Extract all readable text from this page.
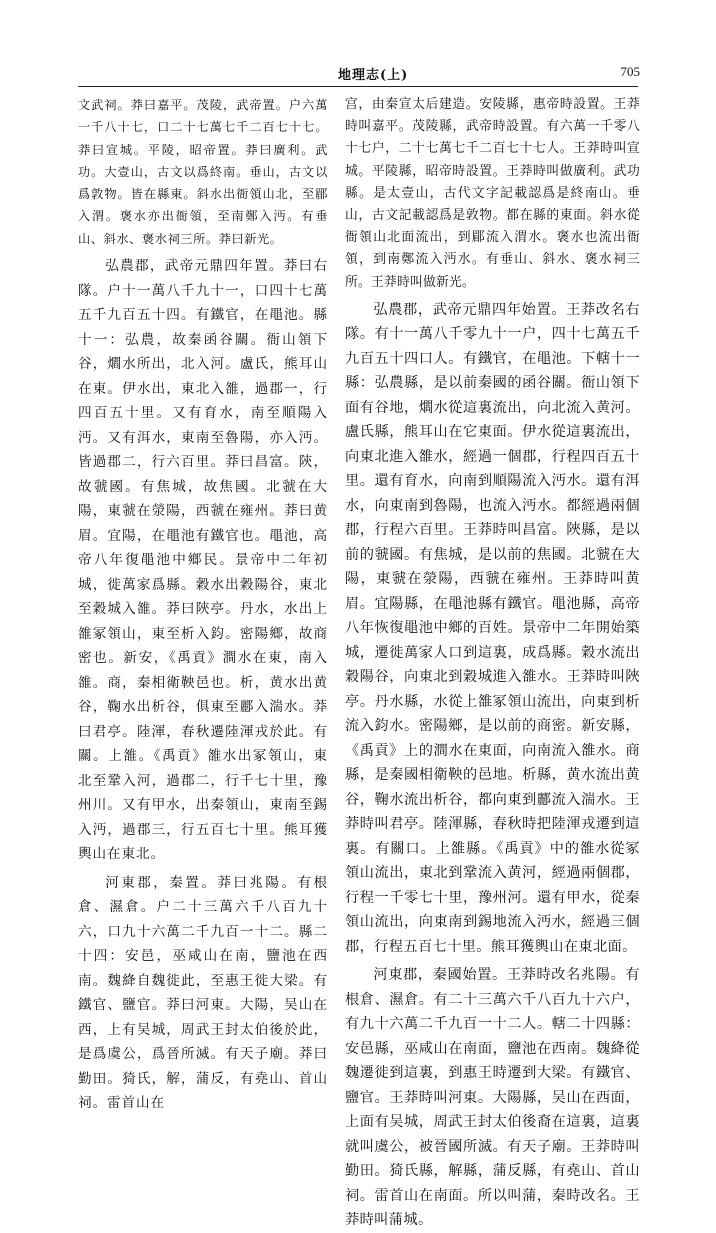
地理志(上)	705

文武祠。莽曰嘉平。茂陵，武帝置。户六萬一千八十七，口二十七萬七千二百七十七。莽曰宣城。平陵，昭帝置。莽曰廣利。武功。大壹山，古文以爲終南。垂山，古文以爲敦物。皆在縣東。斜水出衙領山北，至郿入渭。褒水亦出衙領，至南鄭入沔。有垂山、斜水、褒水祠三所。莽曰新光。

弘農郡，武帝元鼎四年置。莽曰右隊。户十一萬八千九十一，口四十七萬五千九百五十四。有鐵官，在黽池。縣十一：弘農，故秦函谷關。衙山領下谷，爓水所出，北入河。盧氏，熊耳山在東。伊水出，東北入雒，過郡一，行四百五十里。又有育水，南至順陽入沔。又有洱水，東南至魯陽，亦入沔。皆過郡二，行六百里。莽曰昌富。陝，故虢國。有焦城，故焦國。北虢在大陽，東虢在滎陽，西虢在雍州。莽曰黄眉。宜陽，在黽池有鐵官也。黽池，高帝八年復黽池中鄉民。景帝中二年初城，徙萬家爲縣。穀水出穀陽谷，東北至穀城入雒。莽曰陜亭。丹水，水出上雒冢領山，東至析入鈞。密陽鄉，故商密也。新安，《禹貢》澗水在東，南入雒。商，秦相衛鞅邑也。析，黄水出黄谷，鞠水出析谷，俱東至酈入湍水。莽曰君亭。陸渾，春秋遷陸渾戎於此。有關。上雒。《禹貢》雒水出冢領山，東北至鞏入河，過郡二，行千七十里，豫州川。又有甲水，出秦領山，東南至錫入沔，過郡三，行五百七十里。熊耳獲輿山在東北。

河東郡，秦置。莽曰兆陽。有根倉、濕倉。户二十三萬六千八百九十六，口九十六萬二千九百一十二。縣二十四：安邑，巫咸山在南，鹽池在西南。魏絳自魏徙此，至惠王徙大梁。有鐵官、鹽官。莽曰河東。大陽，吴山在西，上有吴城，周武王封太伯後於此，是爲虞公，爲晉所滅。有天子廟。莽曰勤田。猗氏，解，蒲反，有堯山、首山祠。雷首山在

宫，由秦宣太后建造。安陵縣，惠帝時設置。王莽時叫嘉平。茂陵縣，武帝時設置。有六萬一千零八十七户，二十七萬七千二百七十七人。王莽時叫宣城。平陵縣，昭帝時設置。王莽時叫做廣利。武功縣。是太壹山，古代文字記載認爲是終南山。垂山，古文記載認爲是敦物。都在縣的東面。斜水從衙領山北面流出，到郿流入渭水。褒水也流出衙領，到南鄭流入沔水。有垂山、斜水、褒水祠三所。王莽時叫做新光。

弘農郡，武帝元鼎四年始置。王莽改名右隊。有十一萬八千零九十一户，四十七萬五千九百五十四口人。有鐵官，在黽池。下轄十一縣：弘農縣，是以前秦國的函谷關。衙山領下面有谷地，爓水從這裏流出，向北流入黄河。盧氏縣，熊耳山在它東面。伊水從這裏流出，向東北進入雒水，經過一個郡，行程四百五十里。還有育水，向南到順陽流入沔水。還有洱水，向東南到魯陽，也流入沔水。都經過兩個郡，行程六百里。王莽時叫昌富。陜縣，是以前的虢國。有焦城，是以前的焦國。北虢在大陽，東虢在滎陽，西虢在雍州。王莽時叫黄眉。宜陽縣，在黽池縣有鐵官。黽池縣，高帝八年恢復黽池中鄉的百姓。景帝中二年開始築城，遷徙萬家人口到這裏，成爲縣。穀水流出穀陽谷，向東北到穀城進入雒水。王莽時叫陜亭。丹水縣，水從上雒冢領山流出，向東到析流入鈞水。密陽鄉，是以前的商密。新安縣，《禹貢》上的澗水在東面，向南流入雒水。商縣，是秦國相衛鞅的邑地。析縣，黄水流出黄谷，鞠水流出析谷，都向東到酈流入湍水。王莽時叫君亭。陸渾縣，春秋時把陸渾戎遷到這裏。有關口。上雒縣。《禹貢》中的雒水從冢領山流出，東北到鞏流入黄河，經過兩個郡，行程一千零七十里，豫州河。還有甲水，從秦領山流出，向東南到錫地流入沔水，經過三個郡，行程五百七十里。熊耳獲輿山在東北面。

河東郡，秦國始置。王莽時改名兆陽。有根倉、濕倉。有二十三萬六千八百九十六户，有九十六萬二千九百一十二人。轄二十四縣：安邑縣，巫咸山在南面，鹽池在西南。魏絳從魏遷徙到這裏，到惠王時遷到大梁。有鐵官、鹽官。王莽時叫河東。大陽縣，吴山在西面，上面有吴城，周武王封太伯後裔在這裏，這裏就叫虞公，被晉國所滅。有天子廟。王莽時叫勤田。猗氏縣，解縣，蒲反縣，有堯山、首山祠。雷首山在南面。所以叫蒲，秦時改名。王莽時叫蒲城。
